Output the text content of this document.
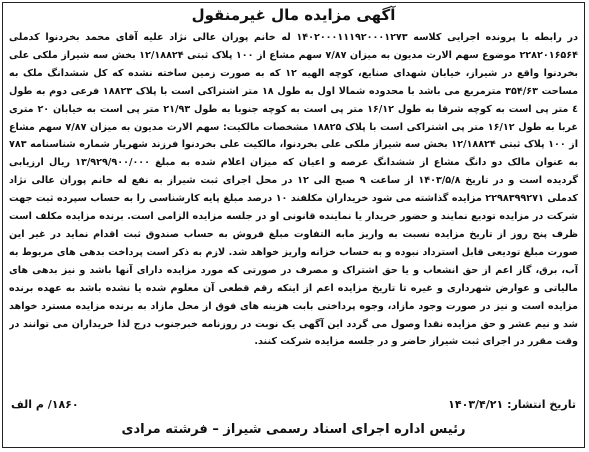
آگهی مزایده مال غیرمنقول

در رابطه با پرونده اجرایی کلاسه ۱۴۰۲۰۰۰۱۱۱۹۲۰۰۰۱۲۷۳ له خانم پوران عالی نژاد علیه آقای محمد بخردنوا کدملی ۲۲۸۲۰۱۶۵۶۴ موضوع سهم الارث مدیون به میزان ۷/۸۷ سهم مشاع از ۱۰۰ پلاک ثبتی ۱۲/۱۸۸۲۴ بخش سه شیراز ملکی علی بخردنوا واقع در شیراز، خیابان شهدای صنایع، کوچه الهیه ۱۲ که به صورت زمین ساخته نشده که کل ششدانگ ملک به مساحت ۳۵۴/۶۳ مترمربع می باشد با محدوده شمالا اول به طول ۱۸ متر اشتراکی است با پلاک ۱۸۸۲۳ فرعی دوم به طول ٤ متر پی است به کوچه شرقا به طول ۱۶/۱۲ متر پی است به کوچه جنوبا به طول ۲۱/۹۳ متر پی است به خیابان ۲۰ متری غربا به طول ۱۶/۱۲ متر پی اشتراکی است با پلاک ۱۸۸۲۵ مشخصات مالکیت: سهم الارث مدیون به میزان ۷/۸۷ سهم مشاع از ۱۰۰ پلاک ثبتی ۱۲/۱۸۸۲۴ بخش سه شیراز ملکی علی بخردنوا، مالکیت علی بخردنوا فرزند شهریار شماره شناسنامه ۷۸۳ به عنوان مالک دو دانگ مشاع از ششدانگ عرصه و اعیان که میزان اعلام شده به مبلغ ۱۳/۹۲۹/۹۰۰/۰۰۰ ریال ارزیابی گردیده است و در تاریخ ۱۴۰۳/۵/۸ از ساعت ۹ صبح الی ۱۲ در محل اجرای ثبت شیراز به نفع له خانم پوران عالی نژاد کدملی ۲۲۹۸۳۹۹۲۷۱ مزایده گذاشته می شود خریداران مکلفند ۱۰ درصد مبلغ پایه کارشناسی را به حساب سپرده ثبت جهت شرکت در مزایده تودیع نمایند و حضور خریدار یا نماینده قانونی او در جلسه مزایده الزامی است. برنده مزایده مکلف است ظرف پنج روز از تاریخ مزایده نسبت به واریز مابه التفاوت مبلغ فروش به حساب صندوق ثبت اقدام نماید در غیر این صورت مبلغ تودیعی قابل استرداد نبوده و به حساب خزانه واریز خواهد شد. لازم به ذکر است پرداخت بدهی های مربوط به آب، برق، گاز اعم از حق انشعاب و یا حق اشتراک و مصرف در صورتی که مورد مزایده دارای آنها باشد و نیز بدهی های مالیاتی و عوارض شهرداری و غیره تا تاریخ مزایده اعم از اینکه رقم قطعی آن معلوم شده یا نشده باشد به عهده برنده مزایده است و نیز در صورت وجود مازاد، وجوه پرداختی بابت هزینه های فوق از محل مازاد به برنده مزایده مسترد خواهد شد و نیم عشر و حق مزایده نقدا وصول می گردد این آگهی یک نوبت در روزنامه خبرجنوب درج لذا خریداران می توانند در وقت مقرر در اجرای ثبت شیراز حاضر و در جلسه مزایده شرکت کنند.

تاریخ انتشار: ۱۴۰۳/۴/۲۱
۱۸۶۰/ م الف
رئیس اداره اجرای اسناد رسمی شیراز – فرشته مرادی
